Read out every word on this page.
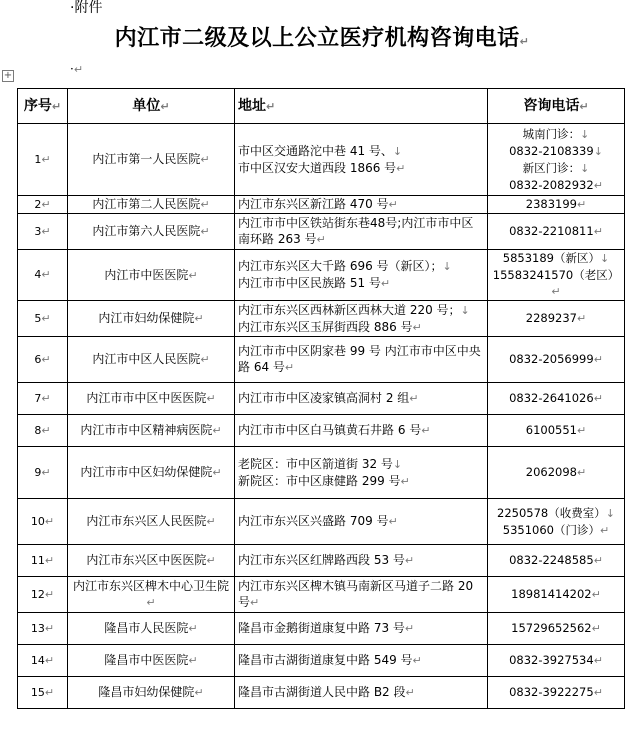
·附件
内江市二级及以上公立医疗机构咨询电话↵
+	·↵
序号↵	单位↵	地址↵	咨询电话↵
1↵	内江市第一人民医院↵	市中区交通路沱中巷 41 号、↓
市中区汉安大道西段 1866 号↵	城南门诊：↓
0832-2108339↓
新区门诊：↓
0832-2082932↵
2↵	内江市第二人民医院↵	内江市东兴区新江路 470 号↵	2383199↵
3↵	内江市第六人民医院↵	内江市市中区铁站街东巷48号;内江市市中区南环路 263 号↵	0832-2210811↵
4↵	内江市中医医院↵	内江市东兴区大千路 696 号（新区）；↓
内江市市中区民族路 51 号↵	5853189（新区）↓
15583241570（老区）↵
5↵	内江市妇幼保健院↵	内江市东兴区西林新区西林大道 220 号；↓
内江市东兴区玉屏街西段 886 号↵	2289237↵
6↵	内江市中区人民医院↵	内江市市中区阴家巷 99 号 内江市市中区中央路 64 号↵	0832-2056999↵
7↵	内江市市中区中医医院↵	内江市市中区凌家镇高洞村 2 组↵	0832-2641026↵
8↵	内江市市中区精神病医院↵	内江市市中区白马镇黄石井路 6 号↵	6100551↵
9↵	内江市市中区妇幼保健院↵	老院区：市中区箭道街 32 号↓
新院区：市中区康健路 299 号↵	2062098↵
10↵	内江市东兴区人民医院↵	内江市东兴区兴盛路 709 号↵	2250578（收费室）↓
5351060（门诊）↵
11↵	内江市东兴区中医医院↵	内江市东兴区红牌路西段 53 号↵	0832-2248585↵
12↵	内江市东兴区椑木中心卫生院↵	内江市东兴区椑木镇马南新区马道子二路 20 号↵	18981414202↵
13↵	隆昌市人民医院↵	隆昌市金鹅街道康复中路 73 号↵	15729652562↵
14↵	隆昌市中医医院↵	隆昌市古湖街道康复中路 549 号↵	0832-3927534↵
15↵	隆昌市妇幼保健院↵	隆昌市古湖街道人民中路 B2 段↵	0832-3922275↵
